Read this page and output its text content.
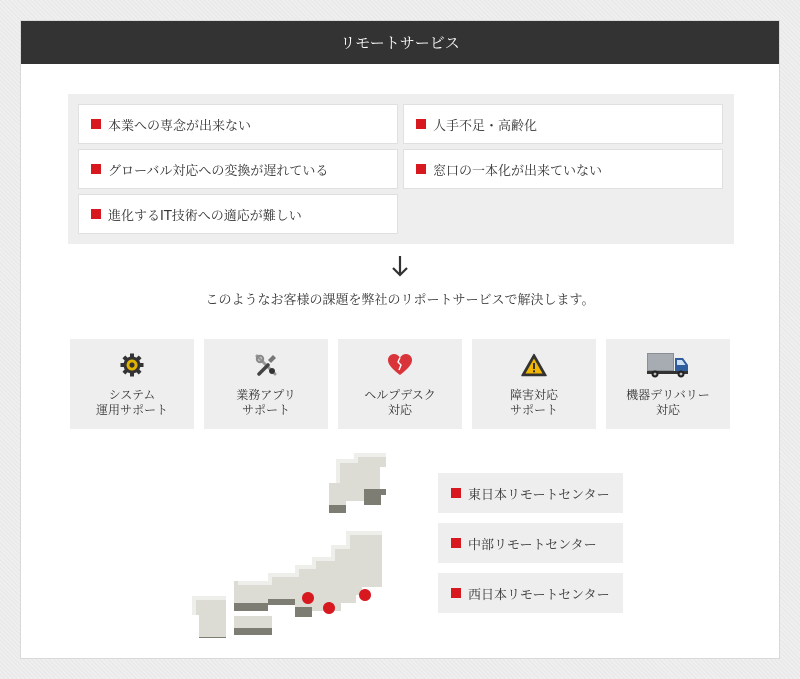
リモートサービス
本業への専念が出来ない	人手不足・高齢化
グローバル対応への変換が遅れている	窓口の一本化が出来ていない
進化するIT技術への適応が難しい
このようなお客様の課題を弊社のリポートサービスで解決します。
システム
運用サポート
業務アプリ
サポート
ヘルプデスク
対応
障害対応
サポート
機器デリバリー
対応
東日本リモートセンター
中部リモートセンター
西日本リモートセンター
